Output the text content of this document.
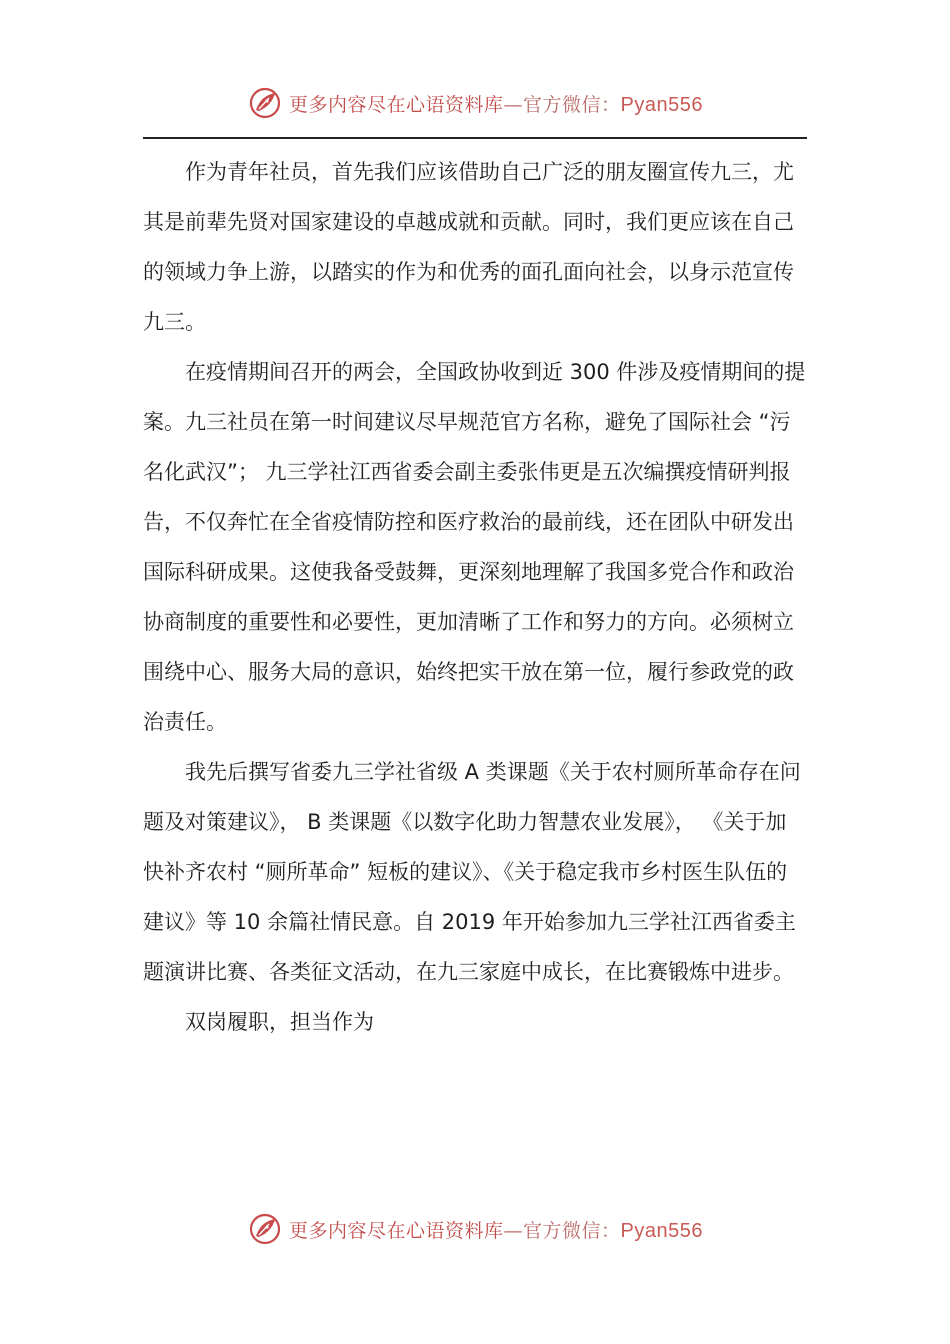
更多内容尽在心语资料库—官方微信：Pyan556

作为青年社员，首先我们应该借助自己广泛的朋友圈宣传九三，尤其是前辈先贤对国家建设的卓越成就和贡献。同时，我们更应该在自己的领域力争上游，以踏实的作为和优秀的面孔面向社会，以身示范宣传九三。

在疫情期间召开的两会，全国政协收到近 300 件涉及疫情期间的提案。九三社员在第一时间建议尽早规范官方名称，避免了国际社会 “污名化武汉”； 九三学社江西省委会副主委张伟更是五次编撰疫情研判报告，不仅奔忙在全省疫情防控和医疗救治的最前线，还在团队中研发出国际科研成果。这使我备受鼓舞，更深刻地理解了我国多党合作和政治协商制度的重要性和必要性，更加清晰了工作和努力的方向。必须树立围绕中心、服务大局的意识，始终把实干放在第一位，履行参政党的政治责任。

我先后撰写省委九三学社省级 A 类课题《关于农村厕所革命存在问题及对策建议》， B 类课题《以数字化助力智慧农业发展》， 《关于加快补齐农村 “厕所革命” 短板的建议》、《关于稳定我市乡村医生队伍的建议》等 10 余篇社情民意。自 2019 年开始参加九三学社江西省委主题演讲比赛、各类征文活动，在九三家庭中成长，在比赛锻炼中进步。

双岗履职，担当作为

更多内容尽在心语资料库—官方微信：Pyan556
